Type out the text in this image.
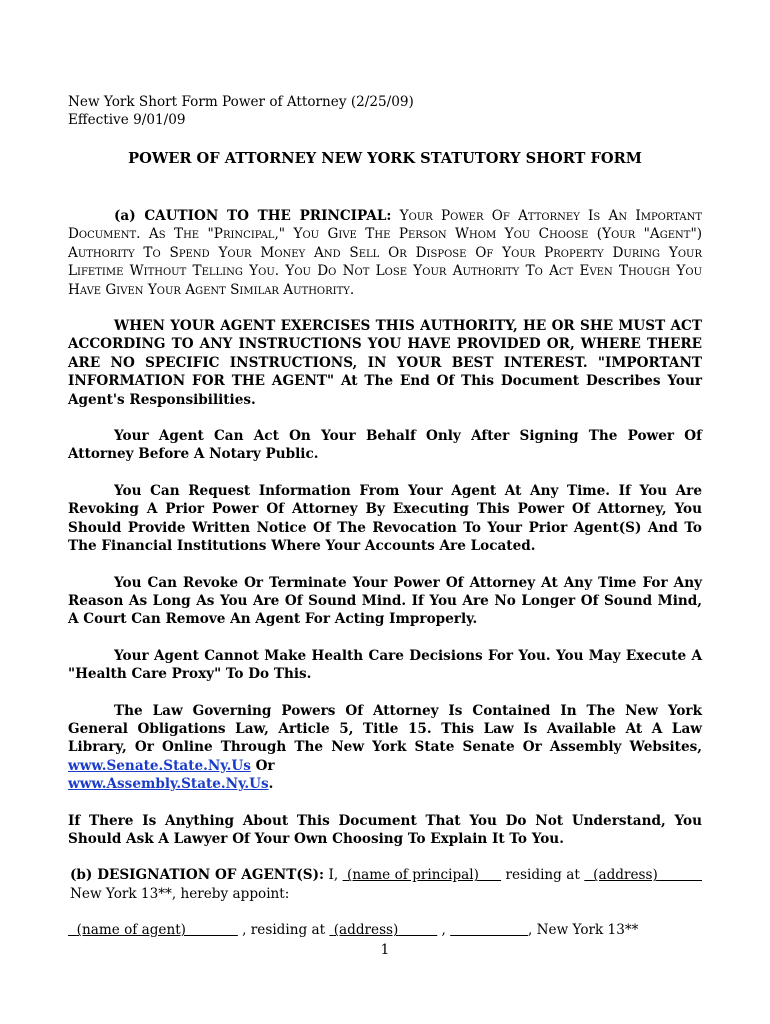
New York Short Form Power of Attorney (2/25/09)
Effective 9/01/09
POWER OF ATTORNEY NEW YORK STATUTORY SHORT FORM

(a) CAUTION TO THE PRINCIPAL: Your Power Of Attorney Is An Important Document. As The "Principal," You Give The Person Whom You Choose (Your "Agent") Authority To Spend Your Money And Sell Or Dispose Of Your Property During Your Lifetime Without Telling You. You Do Not Lose Your Authority To Act Even Though You Have Given Your Agent Similar Authority.

WHEN YOUR AGENT EXERCISES THIS AUTHORITY, HE OR SHE MUST ACT ACCORDING TO ANY INSTRUCTIONS YOU HAVE PROVIDED OR, WHERE THERE ARE NO SPECIFIC INSTRUCTIONS, IN YOUR BEST INTEREST. "IMPORTANT INFORMATION FOR THE AGENT" At The End Of This Document Describes Your Agent's Responsibilities.

Your Agent Can Act On Your Behalf Only After Signing The Power Of Attorney Before A Notary Public.

You Can Request Information From Your Agent At Any Time. If You Are Revoking A Prior Power Of Attorney By Executing This Power Of Attorney, You Should Provide Written Notice Of The Revocation To Your Prior Agent(S) And To The Financial Institutions Where Your Accounts Are Located.

You Can Revoke Or Terminate Your Power Of Attorney At Any Time For Any Reason As Long As You Are Of Sound Mind. If You Are No Longer Of Sound Mind, A Court Can Remove An Agent For Acting Improperly.

Your Agent Cannot Make Health Care Decisions For You. You May Execute A "Health Care Proxy" To Do This.

The Law Governing Powers Of Attorney Is Contained In The New York General Obligations Law, Article 5, Title 15. This Law Is Available At A Law Library, Or Online Through The New York State Senate Or Assembly Websites, www.Senate.State.Ny.Us Or
www.Assembly.State.Ny.Us.

If There Is Anything About This Document That You Do Not Understand, You Should Ask A Lawyer Of Your Own Choosing To Explain It To You.

(b) DESIGNATION OF AGENT(S): I,  (name of principal)      residing at   (address)           New York 13**, hereby appoint:

(name of agent)	, residing at  (address)	,	, New York 13**

1
